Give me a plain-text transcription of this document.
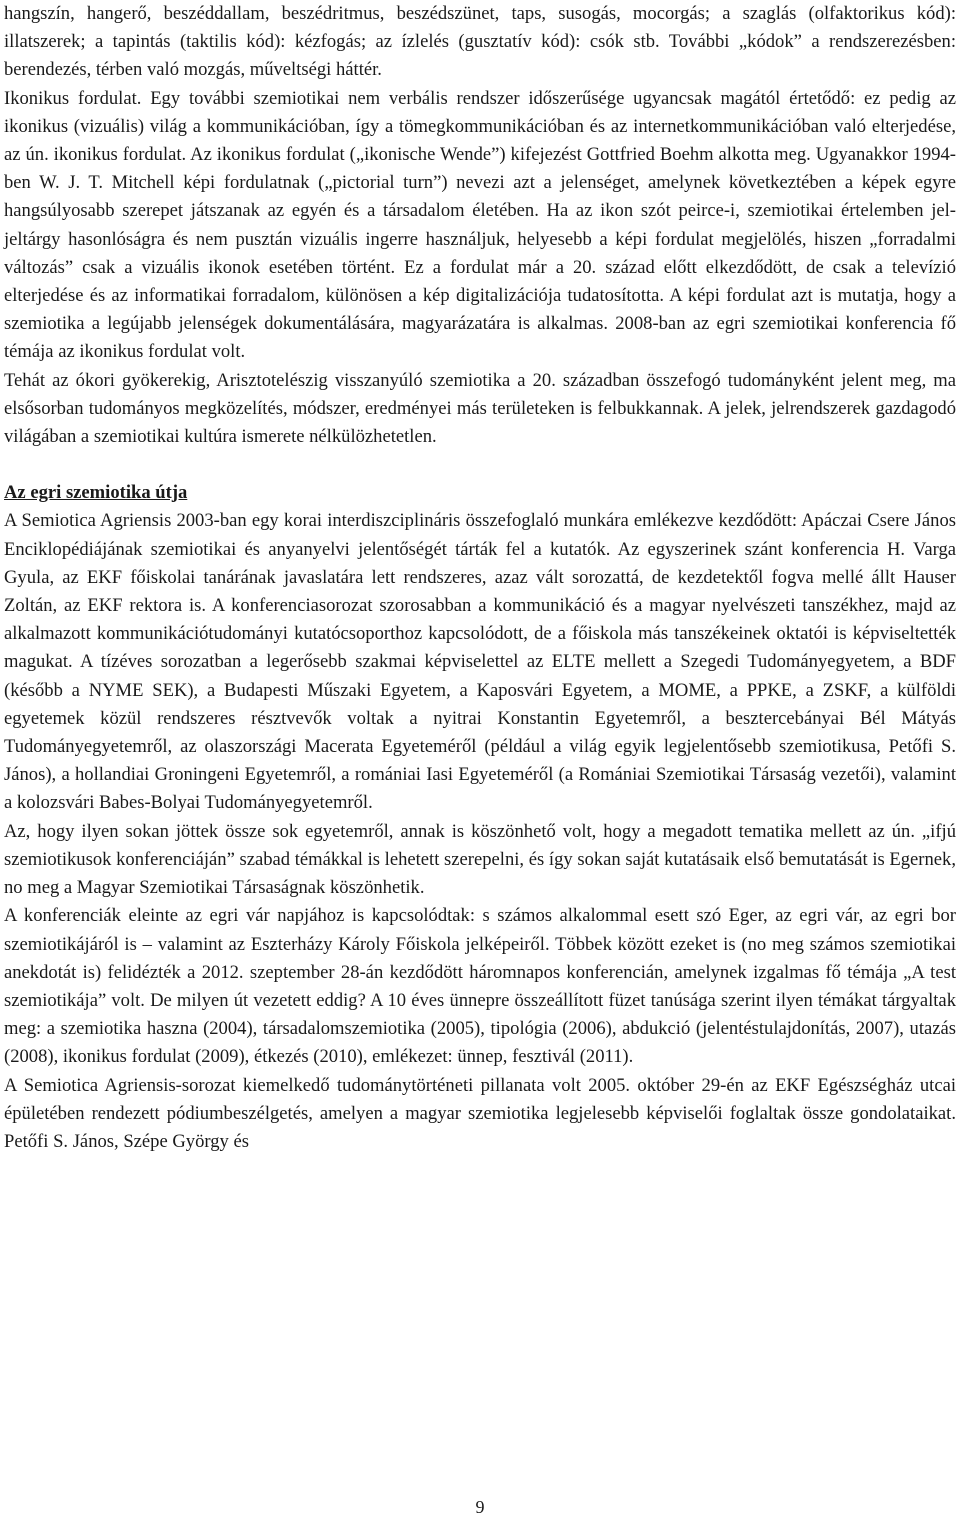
hangszín, hangerő, beszéddallam, beszédritmus, beszédszünet, taps, susogás, mocorgás; a szaglás (olfaktorikus kód): illatszerek; a tapintás (taktilis kód): kézfogás; az ízlelés (gusztatív kód): csók stb. További „kódok” a rendszerezésben: berendezés, térben való mozgás, műveltségi háttér.

Ikonikus fordulat. Egy további szemiotikai nem verbális rendszer időszerűsége ugyancsak magától értetődő: ez pedig az ikonikus (vizuális) világ a kommunikációban, így a tömegkommunikációban és az internetkommunikációban való elterjedése, az ún. ikonikus fordulat. Az ikonikus fordulat („ikonische Wende”) kifejezést Gottfried Boehm alkotta meg. Ugyanakkor 1994-ben W. J. T. Mitchell képi fordulatnak („pictorial turn”) nevezi azt a jelenséget, amelynek következtében a képek egyre hangsúlyosabb szerepet játszanak az egyén és a társadalom életében. Ha az ikon szót peirce-i, szemiotikai értelemben jel-jeltárgy hasonlóságra és nem pusztán vizuális ingerre használjuk, helyesebb a képi fordulat megjelölés, hiszen „forradalmi változás” csak a vizuális ikonok esetében történt. Ez a fordulat már a 20. század előtt elkezdődött, de csak a televízió elterjedése és az informatikai forradalom, különösen a kép digitalizációja tudatosította. A képi fordulat azt is mutatja, hogy a szemiotika a legújabb jelenségek dokumentálására, magyarázatára is alkalmas. 2008-ban az egri szemiotikai konferencia fő témája az ikonikus fordulat volt.

Tehát az ókori gyökerekig, Arisztotelészig visszanyúló szemiotika a 20. században összefogó tudományként jelent meg, ma elsősorban tudományos megközelítés, módszer, eredményei más területeken is felbukkannak. A jelek, jelrendszerek gazdagodó világában a szemiotikai kultúra ismerete nélkülözhetetlen.

Az egri szemiotika útja

A Semiotica Agriensis 2003-ban egy korai interdiszciplináris összefoglaló munkára emlékezve kezdődött: Apáczai Csere János Enciklopédiájának szemiotikai és anyanyelvi jelentőségét tárták fel a kutatók. Az egyszerinek szánt konferencia H. Varga Gyula, az EKF főiskolai tanárának javaslatára lett rendszeres, azaz vált sorozattá, de kezdetektől fogva mellé állt Hauser Zoltán, az EKF rektora is. A konferenciasorozat szorosabban a kommunikáció és a magyar nyelvészeti tanszékhez, majd az alkalmazott kommunikációtudományi kutatócsoporthoz kapcsolódott, de a főiskola más tanszékeinek oktatói is képviseltették magukat. A tízéves sorozatban a legerősebb szakmai képviselettel az ELTE mellett a Szegedi Tudományegyetem, a BDF (később a NYME SEK), a Budapesti Műszaki Egyetem, a Kaposvári Egyetem, a MOME, a PPKE, a ZSKF, a külföldi egyetemek közül rendszeres résztvevők voltak a nyitrai Konstantin Egyetemről, a besztercebányai Bél Mátyás Tudományegyetemről, az olaszországi Macerata Egyeteméről (például a világ egyik legjelentősebb szemiotikusa, Petőfi S. János), a hollandiai Groningeni Egyetemről, a romániai Iasi Egyeteméről (a Romániai Szemiotikai Társaság vezetői), valamint a kolozsvári Babes-Bolyai Tudományegyetemről.

Az, hogy ilyen sokan jöttek össze sok egyetemről, annak is köszönhető volt, hogy a megadott tematika mellett az ún. „ifjú szemiotikusok konferenciáján” szabad témákkal is lehetett szerepelni, és így sokan saját kutatásaik első bemutatását is Egernek, no meg a Magyar Szemiotikai Társaságnak köszönhetik.

A konferenciák eleinte az egri vár napjához is kapcsolódtak: s számos alkalommal esett szó Eger, az egri vár, az egri bor szemiotikájáról is – valamint az Eszterházy Károly Főiskola jelképeiről. Többek között ezeket is (no meg számos szemiotikai anekdotát is) felidézték a 2012. szeptember 28-án kezdődött háromnapos konferencián, amelynek izgalmas fő témája „A test szemiotikája” volt. De milyen út vezetett eddig? A 10 éves ünnepre összeállított füzet tanúsága szerint ilyen témákat tárgyaltak meg: a szemiotika haszna (2004), társadalomszemiotika (2005), tipológia (2006), abdukció (jelentéstulajdonítás, 2007), utazás (2008), ikonikus fordulat (2009), étkezés (2010), emlékezet: ünnep, fesztivál (2011).

A Semiotica Agriensis-sorozat kiemelkedő tudománytörténeti pillanata volt 2005. október 29-én az EKF Egészségház utcai épületében rendezett pódiumbeszélgetés, amelyen a magyar szemiotika legjelesebb képviselői foglaltak össze gondolataikat. Petőfi S. János, Szépe György és

9
